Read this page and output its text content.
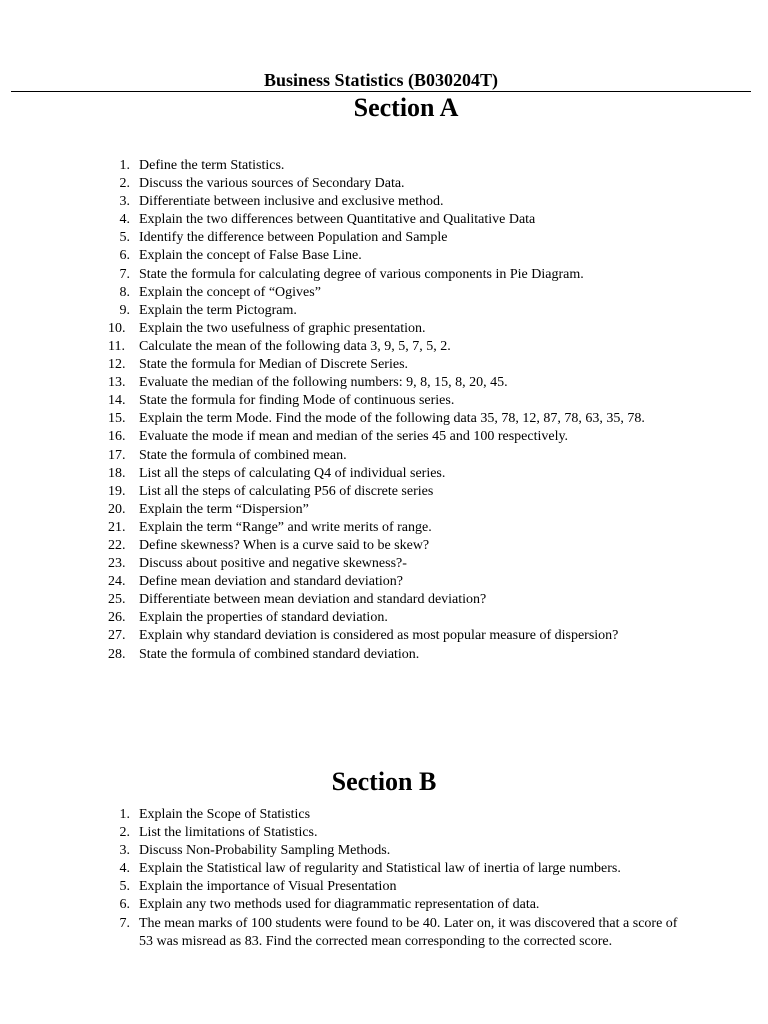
Business Statistics (B030204T)
Section A
1. Define the term Statistics.
2. Discuss the various sources of Secondary Data.
3. Differentiate between inclusive and exclusive method.
4. Explain the two differences between Quantitative and Qualitative Data
5. Identify the difference between Population and Sample
6. Explain the concept of False Base Line.
7. State the formula for calculating degree of various components in Pie Diagram.
8. Explain the concept of “Ogives”
9. Explain the term Pictogram.
10. Explain the two usefulness of graphic presentation.
11.	Calculate the mean of the following data 3, 9, 5, 7, 5, 2.
12. State the formula for Median of Discrete Series.
13. Evaluate the median of the following numbers: 9, 8, 15, 8, 20, 45.
14. State the formula for finding Mode of continuous series.
15. Explain the term Mode. Find the mode of the following data 35, 78, 12, 87, 78, 63, 35, 78.
16. Evaluate the mode if mean and median of the series 45 and 100 respectively.
17. State the formula of combined mean.
18. List all the steps of calculating Q4 of individual series.
19. List all the steps of calculating P56 of discrete series
20. Explain the term “Dispersion”
21. Explain the term “Range” and write merits of range.
22. Define skewness? When is a curve said to be skew?
23. Discuss about positive and negative skewness?-
24. Define mean deviation and standard deviation?
25. Differentiate between mean deviation and standard deviation?
26. Explain the properties of standard deviation.
27. Explain why standard deviation is considered as most popular measure of dispersion?
28. State the formula of combined standard deviation.
Section B
1. Explain the Scope of Statistics
2. List the limitations of Statistics.
3. Discuss Non-Probability Sampling Methods.
4. Explain the Statistical law of regularity and Statistical law of inertia of large numbers.
5. Explain the importance of Visual Presentation
6. Explain any two methods used for diagrammatic representation of data.
7. The mean marks of 100 students were found to be 40. Later on, it was discovered that a score of 53 was misread as 83. Find the corrected mean corresponding to the corrected score.
